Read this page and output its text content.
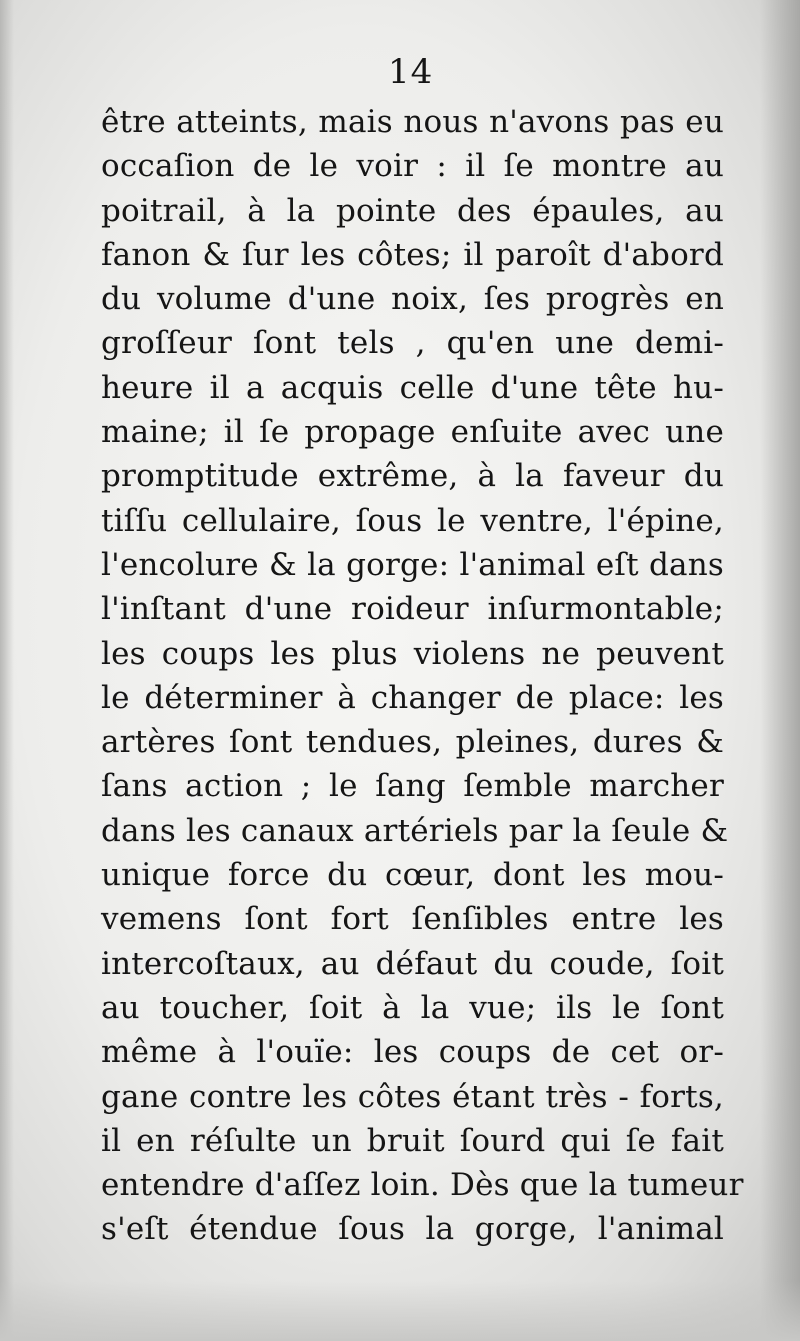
14
être atteints, mais nous n'avons pas eu
occaſion de le voir : il ſe montre au
poitrail, à la pointe des épaules, au
fanon & ſur les côtes; il paroît d'abord
du volume d'une noix, ſes progrès en
groſſeur ſont tels , qu'en une demi-
heure il a acquis celle d'une tête hu-
maine; il ſe propage enſuite avec une
promptitude extrême, à la faveur du
tiſſu cellulaire, ſous le ventre, l'épine,
l'encolure & la gorge: l'animal eſt dans
l'inſtant d'une roideur inſurmontable;
les coups les plus violens ne peuvent
le déterminer à changer de place: les
artères ſont tendues, pleines, dures &
ſans action ; le ſang ſemble marcher
dans les canaux artériels par la ſeule &
unique force du cœur, dont les mou-
vemens ſont fort ſenſibles entre les
intercoſtaux, au défaut du coude, ſoit
au toucher, ſoit à la vue; ils le ſont
même à l'ouïe: les coups de cet or-
gane contre les côtes étant très - forts,
il en réſulte un bruit ſourd qui ſe fait
entendre d'aſſez loin. Dès que la tumeur
s'eſt étendue ſous la gorge, l'animal
